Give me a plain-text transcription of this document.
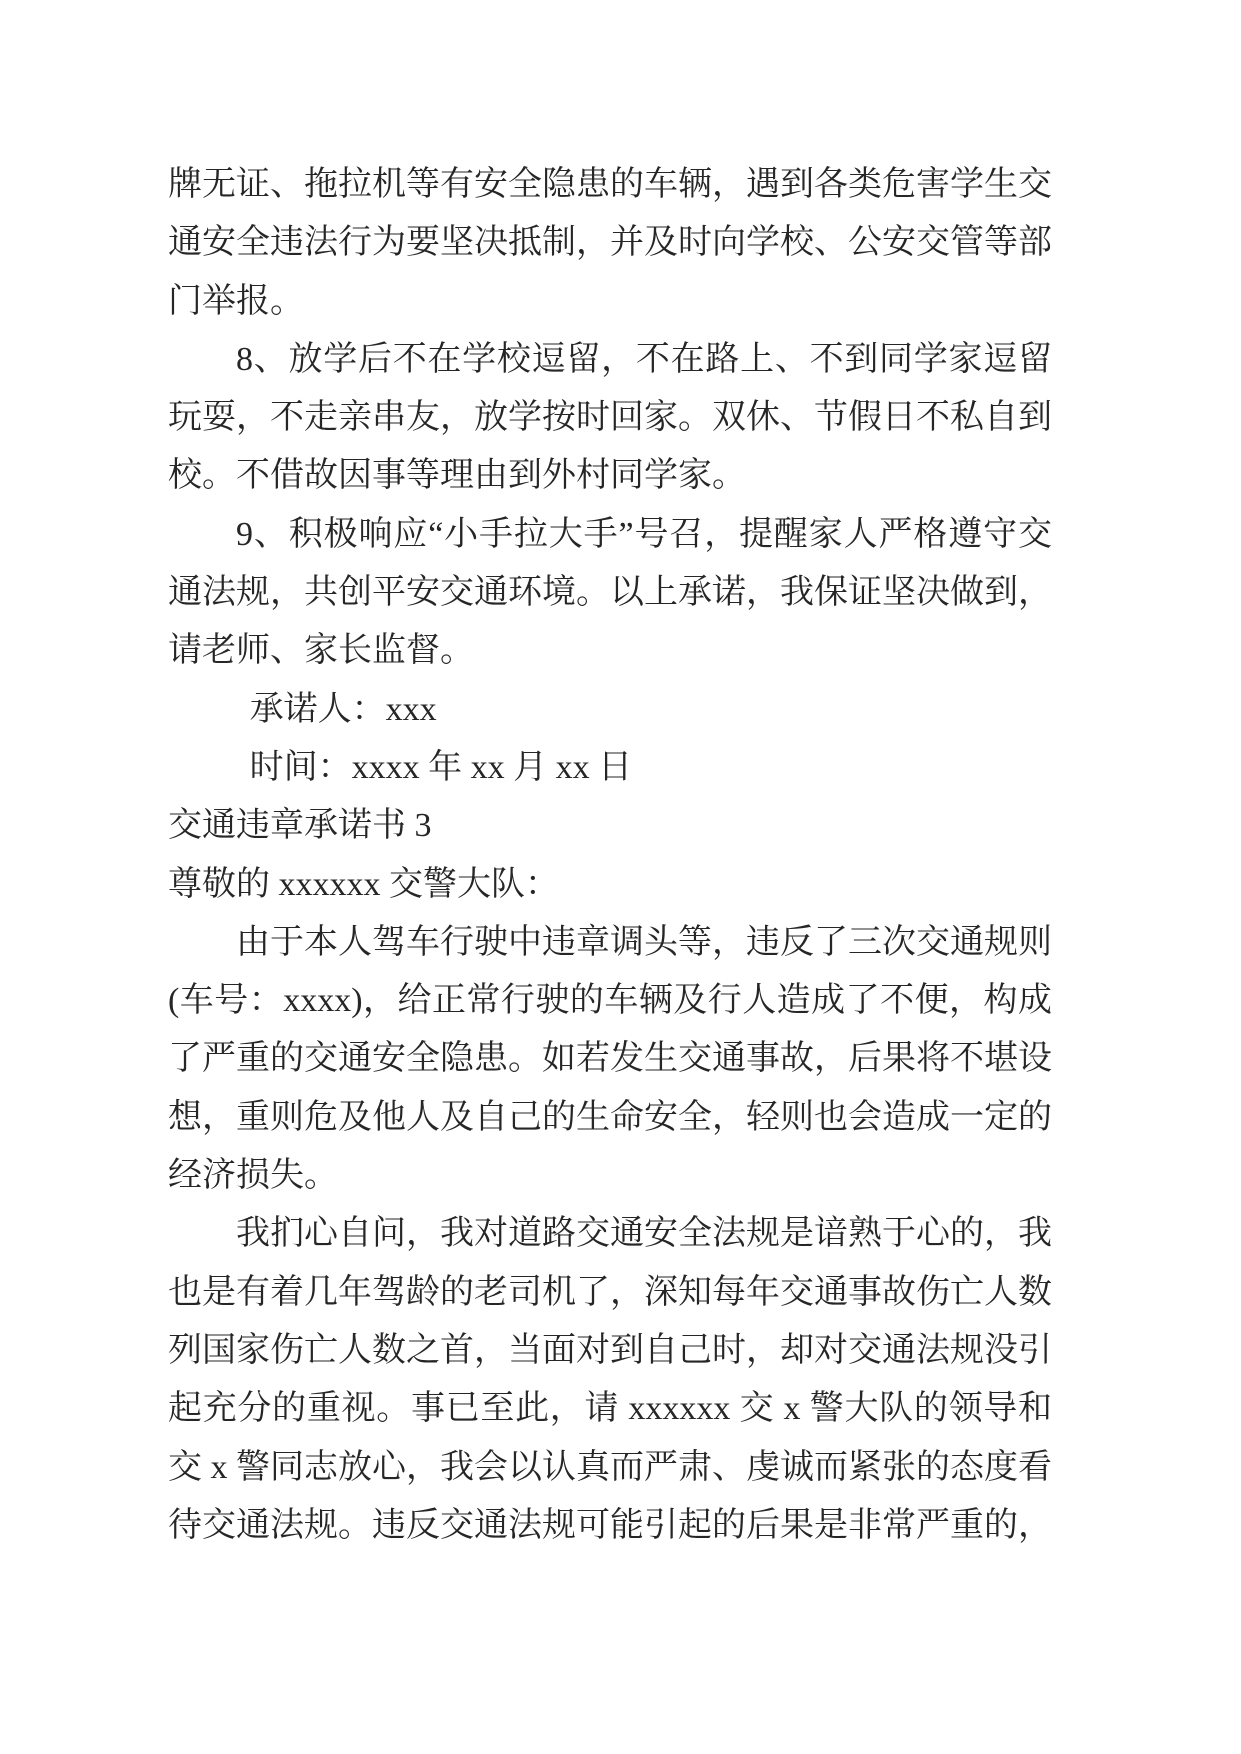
牌无证、拖拉机等有安全隐患的车辆，遇到各类危害学生交通安全违法行为要坚决抵制，并及时向学校、公安交管等部门举报。

8、放学后不在学校逗留，不在路上、不到同学家逗留玩耍，不走亲串友，放学按时回家。双休、节假日不私自到校。不借故因事等理由到外村同学家。

9、积极响应“小手拉大手”号召，提醒家人严格遵守交通法规，共创平安交通环境。以上承诺，我保证坚决做到，请老师、家长监督。

承诺人：xxx

时间：xxxx 年 xx 月 xx 日

交通违章承诺书 3

尊敬的 xxxxxx 交警大队：

由于本人驾车行驶中违章调头等，违反了三次交通规则(车号：xxxx)，给正常行驶的车辆及行人造成了不便，构成了严重的交通安全隐患。如若发生交通事故，后果将不堪设想，重则危及他人及自己的生命安全，轻则也会造成一定的经济损失。

我扪心自问，我对道路交通安全法规是谙熟于心的，我也是有着几年驾龄的老司机了，深知每年交通事故伤亡人数列国家伤亡人数之首，当面对到自己时，却对交通法规没引起充分的重视。事已至此，请 xxxxxx 交 x 警大队的领导和交 x 警同志放心，我会以认真而严肃、虔诚而紧张的态度看待交通法规。违反交通法规可能引起的后果是非常严重的，
